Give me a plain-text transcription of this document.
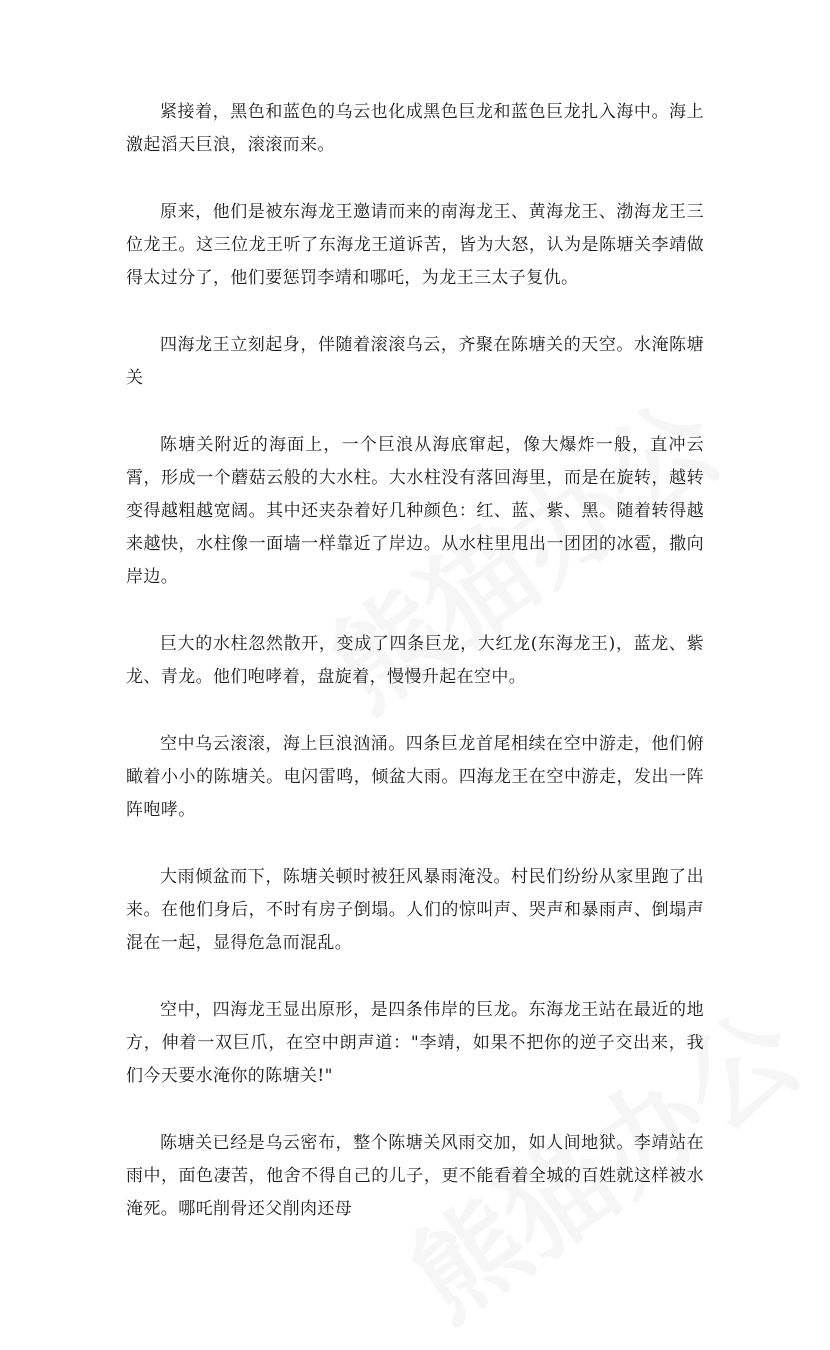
紧接着，黑色和蓝色的乌云也化成黑色巨龙和蓝色巨龙扎入海中。海上激起滔天巨浪，滚滚而来。

原来，他们是被东海龙王邀请而来的南海龙王、黄海龙王、渤海龙王三位龙王。这三位龙王听了东海龙王道诉苦，皆为大怒，认为是陈塘关李靖做得太过分了，他们要惩罚李靖和哪吒，为龙王三太子复仇。

四海龙王立刻起身，伴随着滚滚乌云，齐聚在陈塘关的天空。水淹陈塘关

陈塘关附近的海面上，一个巨浪从海底窜起，像大爆炸一般，直冲云霄，形成一个蘑菇云般的大水柱。大水柱没有落回海里，而是在旋转，越转变得越粗越宽阔。其中还夹杂着好几种颜色：红、蓝、紫、黑。随着转得越来越快，水柱像一面墙一样靠近了岸边。从水柱里甩出一团团的冰雹，撒向岸边。

巨大的水柱忽然散开，变成了四条巨龙，大红龙(东海龙王)，蓝龙、紫龙、青龙。他们咆哮着，盘旋着，慢慢升起在空中。

空中乌云滚滚，海上巨浪汹涌。四条巨龙首尾相续在空中游走，他们俯瞰着小小的陈塘关。电闪雷鸣，倾盆大雨。四海龙王在空中游走，发出一阵阵咆哮。

大雨倾盆而下，陈塘关顿时被狂风暴雨淹没。村民们纷纷从家里跑了出来。在他们身后，不时有房子倒塌。人们的惊叫声、哭声和暴雨声、倒塌声混在一起，显得危急而混乱。

空中，四海龙王显出原形，是四条伟岸的巨龙。东海龙王站在最近的地方，伸着一双巨爪，在空中朗声道："李靖，如果不把你的逆子交出来，我们今天要水淹你的陈塘关!"

陈塘关已经是乌云密布，整个陈塘关风雨交加，如人间地狱。李靖站在雨中，面色凄苦，他舍不得自己的儿子，更不能看着全城的百姓就这样被水淹死。哪吒削骨还父削肉还母
